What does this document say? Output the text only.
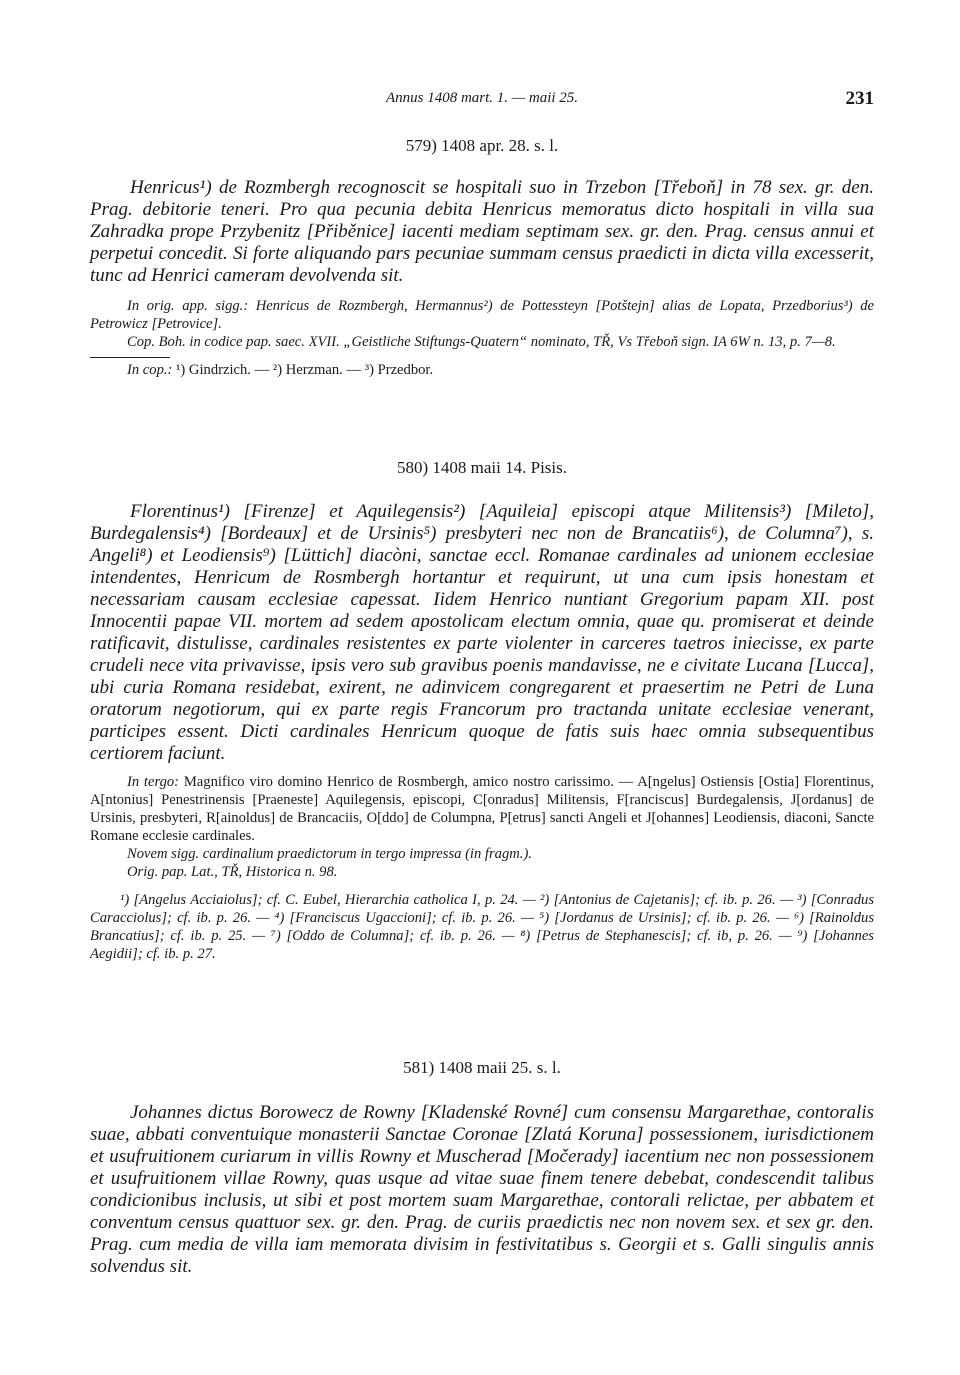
Annus 1408 mart. 1. — maii 25.	231

579) 1408 apr. 28. s. l.

Henricus¹) de Rozmbergh recognoscit se hospitali suo in Trzebon [Třeboň] in 78 sex. gr. den. Prag. debitorie teneri. Pro qua pecunia debita Henricus memoratus dicto hospitali in villa sua Zahradka prope Przybenitz [Přiběnice] iacenti mediam septimam sex. gr. den. Prag. census annui et perpetui concedit. Si forte aliquando pars pecuniae summam census praedicti in dicta villa excesserit, tunc ad Henrici cameram devolvenda sit.

In orig. app. sigg.: Henricus de Rozmbergh, Hermannus²) de Pottessteyn [Potštejn] alias de Lopata, Przedborius³) de Petrowicz [Petrovice].

Cop. Boh. in codice pap. saec. XVII. „Geistliche Stiftungs-Quatern“ nominato, TŘ, Vs Třeboň sign. IA 6W n. 13, p. 7—8.

In cop.: ¹) Gindrzich. — ²) Herzman. — ³) Przedbor.

580) 1408 maii 14. Pisis.

Florentinus¹) [Firenze] et Aquilegensis²) [Aquileia] episcopi atque Militensis³) [Mileto], Burdegalensis⁴) [Bordeaux] et de Ursinis⁵) presbyteri nec non de Brancatiis⁶), de Columna⁷), s. Angeli⁸) et Leodiensis⁹) [Lüttich] diacòni, sanctae eccl. Romanae cardinales ad unionem ecclesiae intendentes, Henricum de Rosmbergh hortantur et requirunt, ut una cum ipsis honestam et necessariam causam ecclesiae capessat. Iidem Henrico nuntiant Gregorium papam XII. post Innocentii papae VII. mortem ad sedem apostolicam electum omnia, quae qu. promiserat et deinde ratificavit, distulisse, cardinales resistentes ex parte violenter in carceres taetros iniecisse, ex parte crudeli nece vita privavisse, ipsis vero sub gravibus poenis mandavisse, ne e civitate Lucana [Lucca], ubi curia Romana residebat, exirent, ne adinvicem congregarent et praesertim ne Petri de Luna oratorum negotiorum, qui ex parte regis Francorum pro tractanda unitate ecclesiae venerant, participes essent. Dicti cardinales Henricum quoque de fatis suis haec omnia subsequentibus certiorem faciunt.

In tergo: Magnifico viro domino Henrico de Rosmbergh, amico nostro carissimo. — A[ngelus] Ostiensis [Ostia] Florentinus, A[ntonius] Penestrinensis [Praeneste] Aquilegensis, episcopi, C[onradus] Militensis, F[ranciscus] Burdegalensis, J[ordanus] de Ursinis, presbyteri, R[ainoldus] de Brancaciis, O[ddo] de Columpna, P[etrus] sancti Angeli et J[ohannes] Leodiensis, diaconi, Sancte Romane ecclesie cardinales.

Novem sigg. cardinalium praedictorum in tergo impressa (in fragm.).

Orig. pap. Lat., TŘ, Historica n. 98.

¹) [Angelus Acciaiolus]; cf. C. Eubel, Hierarchia catholica I, p. 24. — ²) [Antonius de Cajetanis]; cf. ib. p. 26. — ³) [Conradus Caracciolus]; cf. ib. p. 26. — ⁴) [Franciscus Ugaccioni]; cf. ib. p. 26. — ⁵) [Jordanus de Ursinis]; cf. ib. p. 26. — ⁶) [Rainoldus Brancatius]; cf. ib. p. 25. — ⁷) [Oddo de Columna]; cf. ib. p. 26. — ⁸) [Petrus de Stephanescis]; cf. ib, p. 26. — ⁹) [Johannes Aegidii]; cf. ib. p. 27.

581) 1408 maii 25. s. l.

Johannes dictus Borowecz de Rowny [Kladenské Rovné] cum consensu Margarethae, contoralis suae, abbati conventuique monasterii Sanctae Coronae [Zlatá Koruna] possessionem, iurisdictionem et usufruitionem curiarum in villis Rowny et Muscherad [Močerady] iacentium nec non possessionem et usufruitionem villae Rowny, quas usque ad vitae suae finem tenere debebat, condescendit talibus condicionibus inclusis, ut sibi et post mortem suam Margarethae, contorali relictae, per abbatem et conventum census quattuor sex. gr. den. Prag. de curiis praedictis nec non novem sex. et sex gr. den. Prag. cum media de villa iam memorata divisim in festivitatibus s. Georgii et s. Galli singulis annis solvendus sit.
